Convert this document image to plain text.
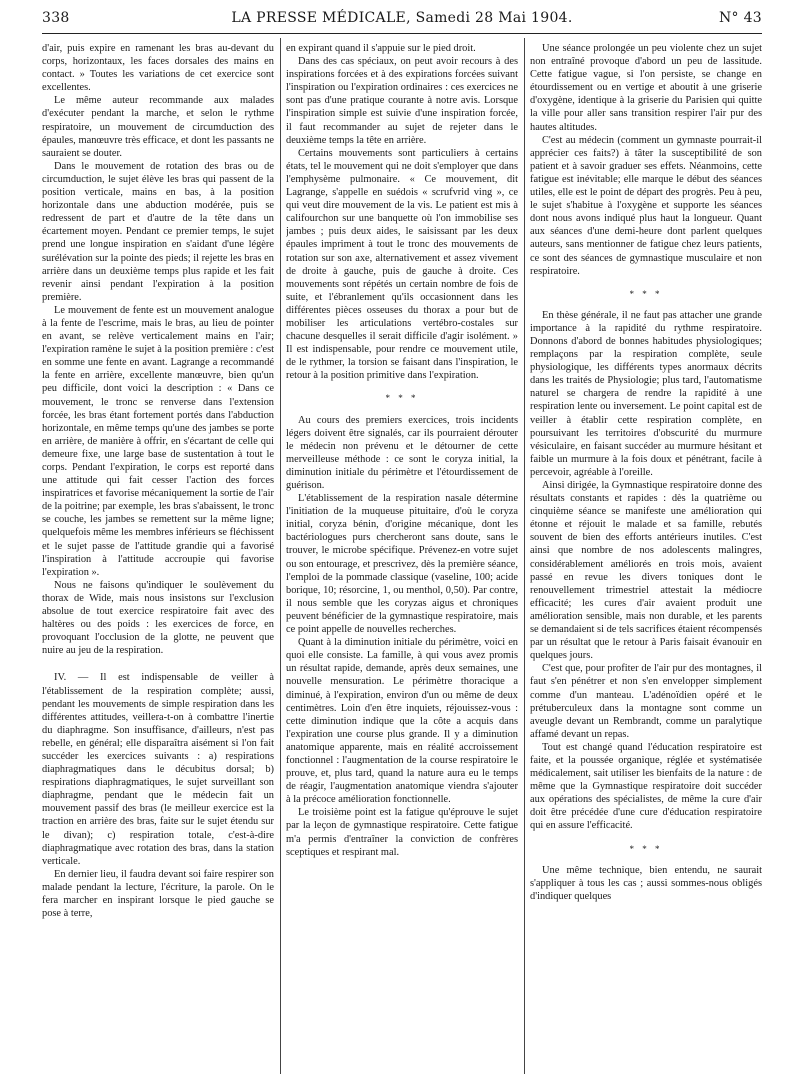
338	LA PRESSE MÉDICALE, Samedi 28 Mai 1904.	N° 43

d'air, puis expire en ramenant les bras au-devant du corps, horizontaux, les faces dorsales des mains en contact. » Toutes les variations de cet exercice sont excellentes.

Le même auteur recommande aux malades d'exécuter pendant la marche, et selon le rythme respiratoire, un mouvement de circumduction des épaules, manœuvre très efficace, et dont les passants ne sauraient se douter.

Dans le mouvement de rotation des bras ou de circumduction, le sujet élève les bras qui passent de la position verticale, mains en bas, à la position horizontale dans une abduction modérée, puis se redressent de part et d'autre de la tête dans un écartement moyen. Pendant ce premier temps, le sujet prend une longue inspiration en s'aidant d'une légère surélévation sur la pointe des pieds; il rejette les bras en arrière dans un deuxième temps plus rapide et les fait revenir ainsi pendant l'expiration à la position première.

Le mouvement de fente est un mouvement analogue à la fente de l'escrime, mais le bras, au lieu de pointer en avant, se relève verticalement mains en l'air; l'expiration ramène le sujet à la position première : c'est en somme une fente en avant. Lagrange a recommandé la fente en arrière, excellente manœuvre, bien qu'un peu difficile, dont voici la description : « Dans ce mouvement, le tronc se renverse dans l'extension forcée, les bras étant fortement portés dans l'abduction horizontale, en même temps qu'une des jambes se porte en arrière, de manière à offrir, en s'écartant de celle qui demeure fixe, une large base de sustentation à tout le corps. Pendant l'expiration, le corps est reporté dans une attitude qui fait cesser l'action des forces inspiratrices et favorise mécaniquement la sortie de l'air de la poitrine; par exemple, les bras s'abaissent, le tronc se couche, les jambes se remettent sur la même ligne; quelquefois même les membres inférieurs se fléchissent et le sujet passe de l'attitude grandie qui a favorisé l'inspiration à l'attitude accroupie qui favorise l'expiration ».

Nous ne faisons qu'indiquer le soulèvement du thorax de Wide, mais nous insistons sur l'exclusion absolue de tout exercice respiratoire fait avec des haltères ou des poids : les exercices de force, en provoquant l'occlusion de la glotte, ne peuvent que nuire au jeu de la respiration.

IV. — Il est indispensable de veiller à l'établissement de la respiration complète; aussi, pendant les mouvements de simple respiration dans les différentes attitudes, veillera-t-on à combattre l'inertie du diaphragme. Son insuffisance, d'ailleurs, n'est pas rebelle, en général; elle disparaîtra aisément si l'on fait succéder les exercices suivants : a) respirations diaphragmatiques dans le décubitus dorsal; b) respirations diaphragmatiques, le sujet surveillant son diaphragme, pendant que le médecin fait un mouvement passif des bras (le meilleur exercice est la traction en arrière des bras, faite sur le sujet étendu sur le divan); c) respiration totale, c'est-à-dire diaphragmatique avec rotation des bras, dans la station verticale.

En dernier lieu, il faudra devant soi faire respirer son malade pendant la lecture, l'écriture, la parole. On le fera marcher en inspirant lorsque le pied gauche se pose à terre,

en expirant quand il s'appuie sur le pied droit.

Dans des cas spéciaux, on peut avoir recours à des inspirations forcées et à des expirations forcées suivant l'inspiration ou l'expiration ordinaires : ces exercices ne sont pas d'une pratique courante à notre avis. Lorsque l'inspiration simple est suivie d'une inspiration forcée, il faut recommander au sujet de rejeter dans le deuxième temps la tête en arrière.

Certains mouvements sont particuliers à certains états, tel le mouvement qui ne doit s'employer que dans l'emphysème pulmonaire. « Ce mouvement, dit Lagrange, s'appelle en suédois « scrufvrid ving », ce qui veut dire mouvement de la vis. Le patient est mis à califourchon sur une banquette où l'on immobilise ses jambes ; puis deux aides, le saisissant par les deux épaules impriment à tout le tronc des mouvements de rotation sur son axe, alternativement et assez vivement de droite à gauche, puis de gauche à droite. Ces mouvements sont répétés un certain nombre de fois de suite, et l'ébranlement qu'ils occasionnent dans les différentes pièces osseuses du thorax a pour but de mobiliser les articulations vertébro-costales sur chacune desquelles il serait difficile d'agir isolément. » Il est indispensable, pour rendre ce mouvement utile, de le rythmer, la torsion se faisant dans l'inspiration, le retour à la position primitive dans l'expiration.

* * *

Au cours des premiers exercices, trois incidents légers doivent être signalés, car ils pourraient dérouter le médecin non prévenu et le détourner de cette merveilleuse méthode : ce sont le coryza initial, la diminution initiale du périmètre et l'étourdissement de guérison.

L'établissement de la respiration nasale détermine l'initiation de la muqueuse pituitaire, d'où le coryza initial, coryza bénin, d'origine mécanique, dont les bactériologues purs chercheront sans doute, sans le trouver, le microbe spécifique. Prévenez-en votre sujet ou son entourage, et prescrivez, dès la première séance, l'emploi de la pommade classique (vaseline, 100; acide borique, 10; résorcine, 1, ou menthol, 0,50). Par contre, il nous semble que les coryzas aigus et chroniques peuvent bénéficier de la gymnastique respiratoire, mais ce point appelle de nouvelles recherches.

Quant à la diminution initiale du périmètre, voici en quoi elle consiste. La famille, à qui vous avez promis un résultat rapide, demande, après deux semaines, une nouvelle mensuration. Le périmètre thoracique a diminué, à l'expiration, environ d'un ou même de deux centimètres. Loin d'en être inquiets, réjouissez-vous : cette diminution indique que la côte a acquis dans l'expiration une course plus grande. Il y a diminution anatomique apparente, mais en réalité accroissement fonctionnel : l'augmentation de la course respiratoire le prouve, et, plus tard, quand la nature aura eu le temps de réagir, l'augmentation anatomique viendra s'ajouter à la précoce amélioration fonctionnelle.

Le troisième point est la fatigue qu'éprouve le sujet par la leçon de gymnastique respiratoire. Cette fatigue m'a permis d'entraîner la conviction de confrères sceptiques et respirant mal.

Une séance prolongée un peu violente chez un sujet non entraîné provoque d'abord un peu de lassitude. Cette fatigue vague, si l'on persiste, se change en étourdissement ou en vertige et aboutit à une griserie d'oxygène, identique à la griserie du Parisien qui quitte la ville pour aller sans transition respirer l'air pur des hautes altitudes.

C'est au médecin (comment un gymnaste pourrait-il apprécier ces faits?) à tâter la susceptibilité de son patient et à savoir graduer ses effets. Néanmoins, cette fatigue est inévitable; elle marque le début des séances utiles, elle est le point de départ des progrès. Peu à peu, le sujet s'habitue à l'oxygène et supporte les séances dont nous avons indiqué plus haut la longueur. Quant aux séances d'une demi-heure dont parlent quelques auteurs, sans mentionner de fatigue chez leurs patients, ce sont des séances de gymnastique musculaire et non respiratoire.

* * *

En thèse générale, il ne faut pas attacher une grande importance à la rapidité du rythme respiratoire. Donnons d'abord de bonnes habitudes physiologiques; remplaçons par la respiration complète, seule physiologique, les différents types anormaux décrits dans les traités de Physiologie; plus tard, l'automatisme naturel se chargera de rendre la rapidité à une respiration lente ou inversement. Le point capital est de veiller à établir cette respiration complète, en poursuivant les territoires d'obscurité du murmure vésiculaire, en faisant succéder au murmure hésitant et faible un murmure à la fois doux et pénétrant, facile à percevoir, agréable à l'oreille.

Ainsi dirigée, la Gymnastique respiratoire donne des résultats constants et rapides : dès la quatrième ou cinquième séance se manifeste une amélioration qui étonne et réjouit le malade et sa famille, rebutés souvent de bien des efforts antérieurs inutiles. C'est ainsi que nombre de nos adolescents malingres, considérablement améliorés en trois mois, avaient passé en revue les divers toniques dont le renouvellement trimestriel attestait la médiocre efficacité; les cures d'air avaient produit une amélioration sensible, mais non durable, et les parents se demandaient si de tels sacrifices étaient récompensés par un résultat que le retour à Paris faisait évanouir en quelques jours.

C'est que, pour profiter de l'air pur des montagnes, il faut s'en pénétrer et non s'en envelopper simplement comme d'un manteau. L'adénoïdien opéré et le prétuberculeux dans la montagne sont comme un aveugle devant un Rembrandt, comme un paralytique affamé devant un repas.

Tout est changé quand l'éducation respiratoire est faite, et la poussée organique, réglée et systématisée médicalement, sait utiliser les bienfaits de la nature : de même que la Gymnastique respiratoire doit succéder aux opérations des spécialistes, de même la cure d'air doit être précédée d'une cure d'éducation respiratoire qui en assure l'efficacité.

* * *

Une même technique, bien entendu, ne saurait s'appliquer à tous les cas ; aussi sommes-nous obligés d'indiquer quelques
